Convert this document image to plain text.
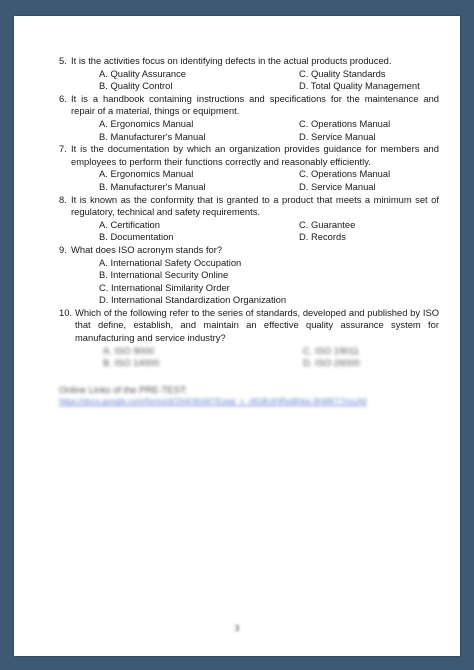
5. It is the activities focus on identifying defects in the actual products produced.
A. Quality Assurance	C. Quality Standards
B. Quality Control	D. Total Quality Management
6. It is a handbook containing instructions and specifications for the maintenance and repair of a material, things or equipment.
A. Ergonomics Manual	C. Operations Manual
B. Manufacturer's Manual	D. Service Manual
7. It is the documentation by which an organization provides guidance for members and employees to perform their functions correctly and reasonably efficiently.
A. Ergonomics Manual	C. Operations Manual
B. Manufacturer's Manual	D. Service Manual
8. It is known as the conformity that is granted to a product that meets a minimum set of regulatory, technical and safety requirements.
A. Certification	C. Guarantee
B. Documentation	D. Records
9. What does ISO acronym stands for?
A. International Safety Occupation
B. International Security Online
C. International Similarity Order
D. International Standardization Organization
10. Which of the following refer to the series of standards, developed and published by ISO that define, establish, and maintain an effective quality assurance system for manufacturing and service industry?
A. ISO 9000	C. ISO 19011
B. ISO 14000	D. ISO 26000
Online Links of the PRE-TEST:
https://docs.google.com/forms/d/1N4rWsWYEswjr_c_r9G8UtHRwBhka-3hWKT7/ryyA9
3
